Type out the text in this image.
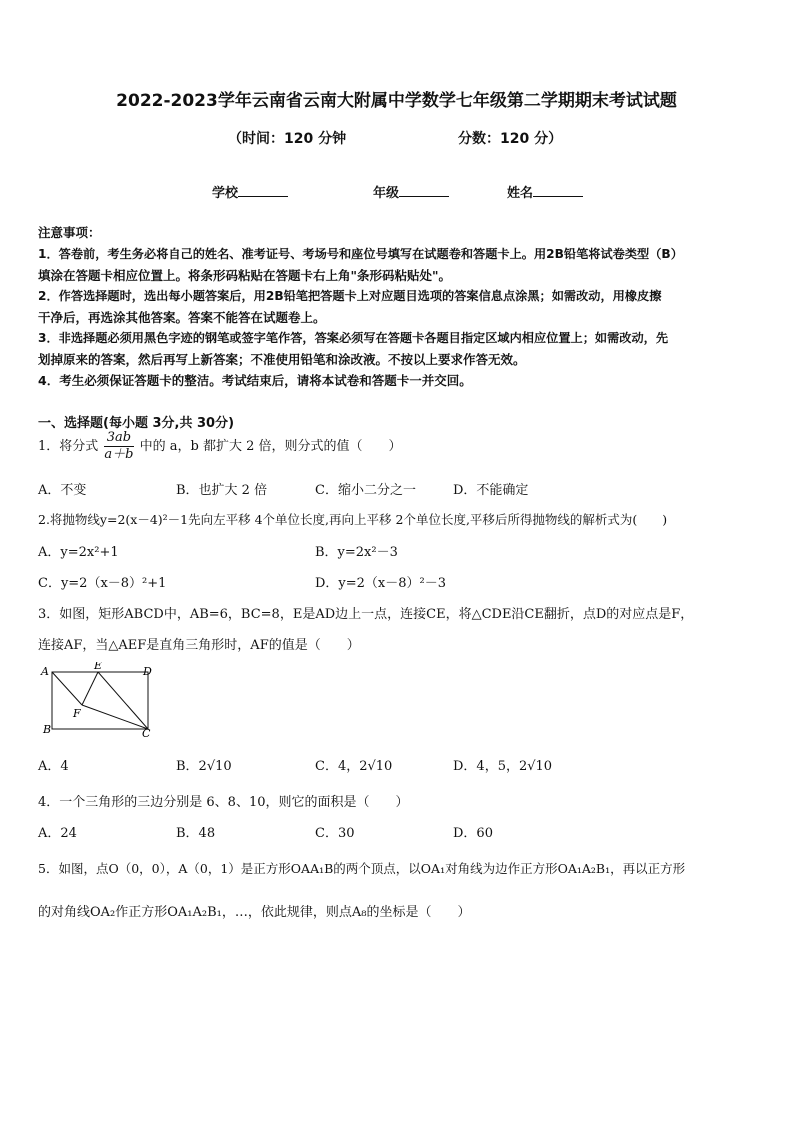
2022-2023学年云南省云南大附属中学数学七年级第二学期期末考试试题
（时间：120 分钟	分数：120 分）
学校	年级	姓名
注意事项：
1．答卷前，考生务必将自己的姓名、准考证号、考场号和座位号填写在试题卷和答题卡上。用2B铅笔将试卷类型（B）
填涂在答题卡相应位置上。将条形码粘贴在答题卡右上角"条形码粘贴处"。
2．作答选择题时，选出每小题答案后，用2B铅笔把答题卡上对应题目选项的答案信息点涂黑；如需改动，用橡皮擦
干净后，再选涂其他答案。答案不能答在试题卷上。
3．非选择题必须用黑色字迹的钢笔或签字笔作答，答案必须写在答题卡各题目指定区域内相应位置上；如需改动，先
划掉原来的答案，然后再写上新答案；不准使用铅笔和涂改液。不按以上要求作答无效。
4．考生必须保证答题卡的整洁。考试结束后，请将本试卷和答题卡一并交回。
一、选择题(每小题 3分,共 30分)
1．将分式 $\frac{3ab}{a+b}$ 中的 a，b 都扩大 2 倍，则分式的值（　　）
A．不变	B．也扩大 2 倍	C．缩小二分之一	D．不能确定
2.将抛物线y=2(x－4)²－1先向左平移 4个单位长度,再向上平移 2个单位长度,平移后所得抛物线的解析式为(　　)
A．y=2x²+1	B．y=2x²－3
C．y=2（x－8）²+1	D．y=2（x－8）²－3
3．如图，矩形ABCD中，AB=6，BC=8，E是AD边上一点，连接CE，将△CDE沿CE翻折，点D的对应点是F，
连接AF，当△AEF是直角三角形时，AF的值是（　　）
A	E	D
F
B	C
A．4	B．2√10	C．4，2√10	D．4，5，2√10
4．一个三角形的三边分别是 6、8、10，则它的面积是（　　）
A．24	B．48	C．30	D．60
5．如图，点O（0，0），A（0，1）是正方形OAA₁B的两个顶点，以OA₁对角线为边作正方形OA₁A₂B₁，再以正方形
的对角线OA₂作正方形OA₁A₂B₁，…，依此规律，则点A₈的坐标是（　　）
